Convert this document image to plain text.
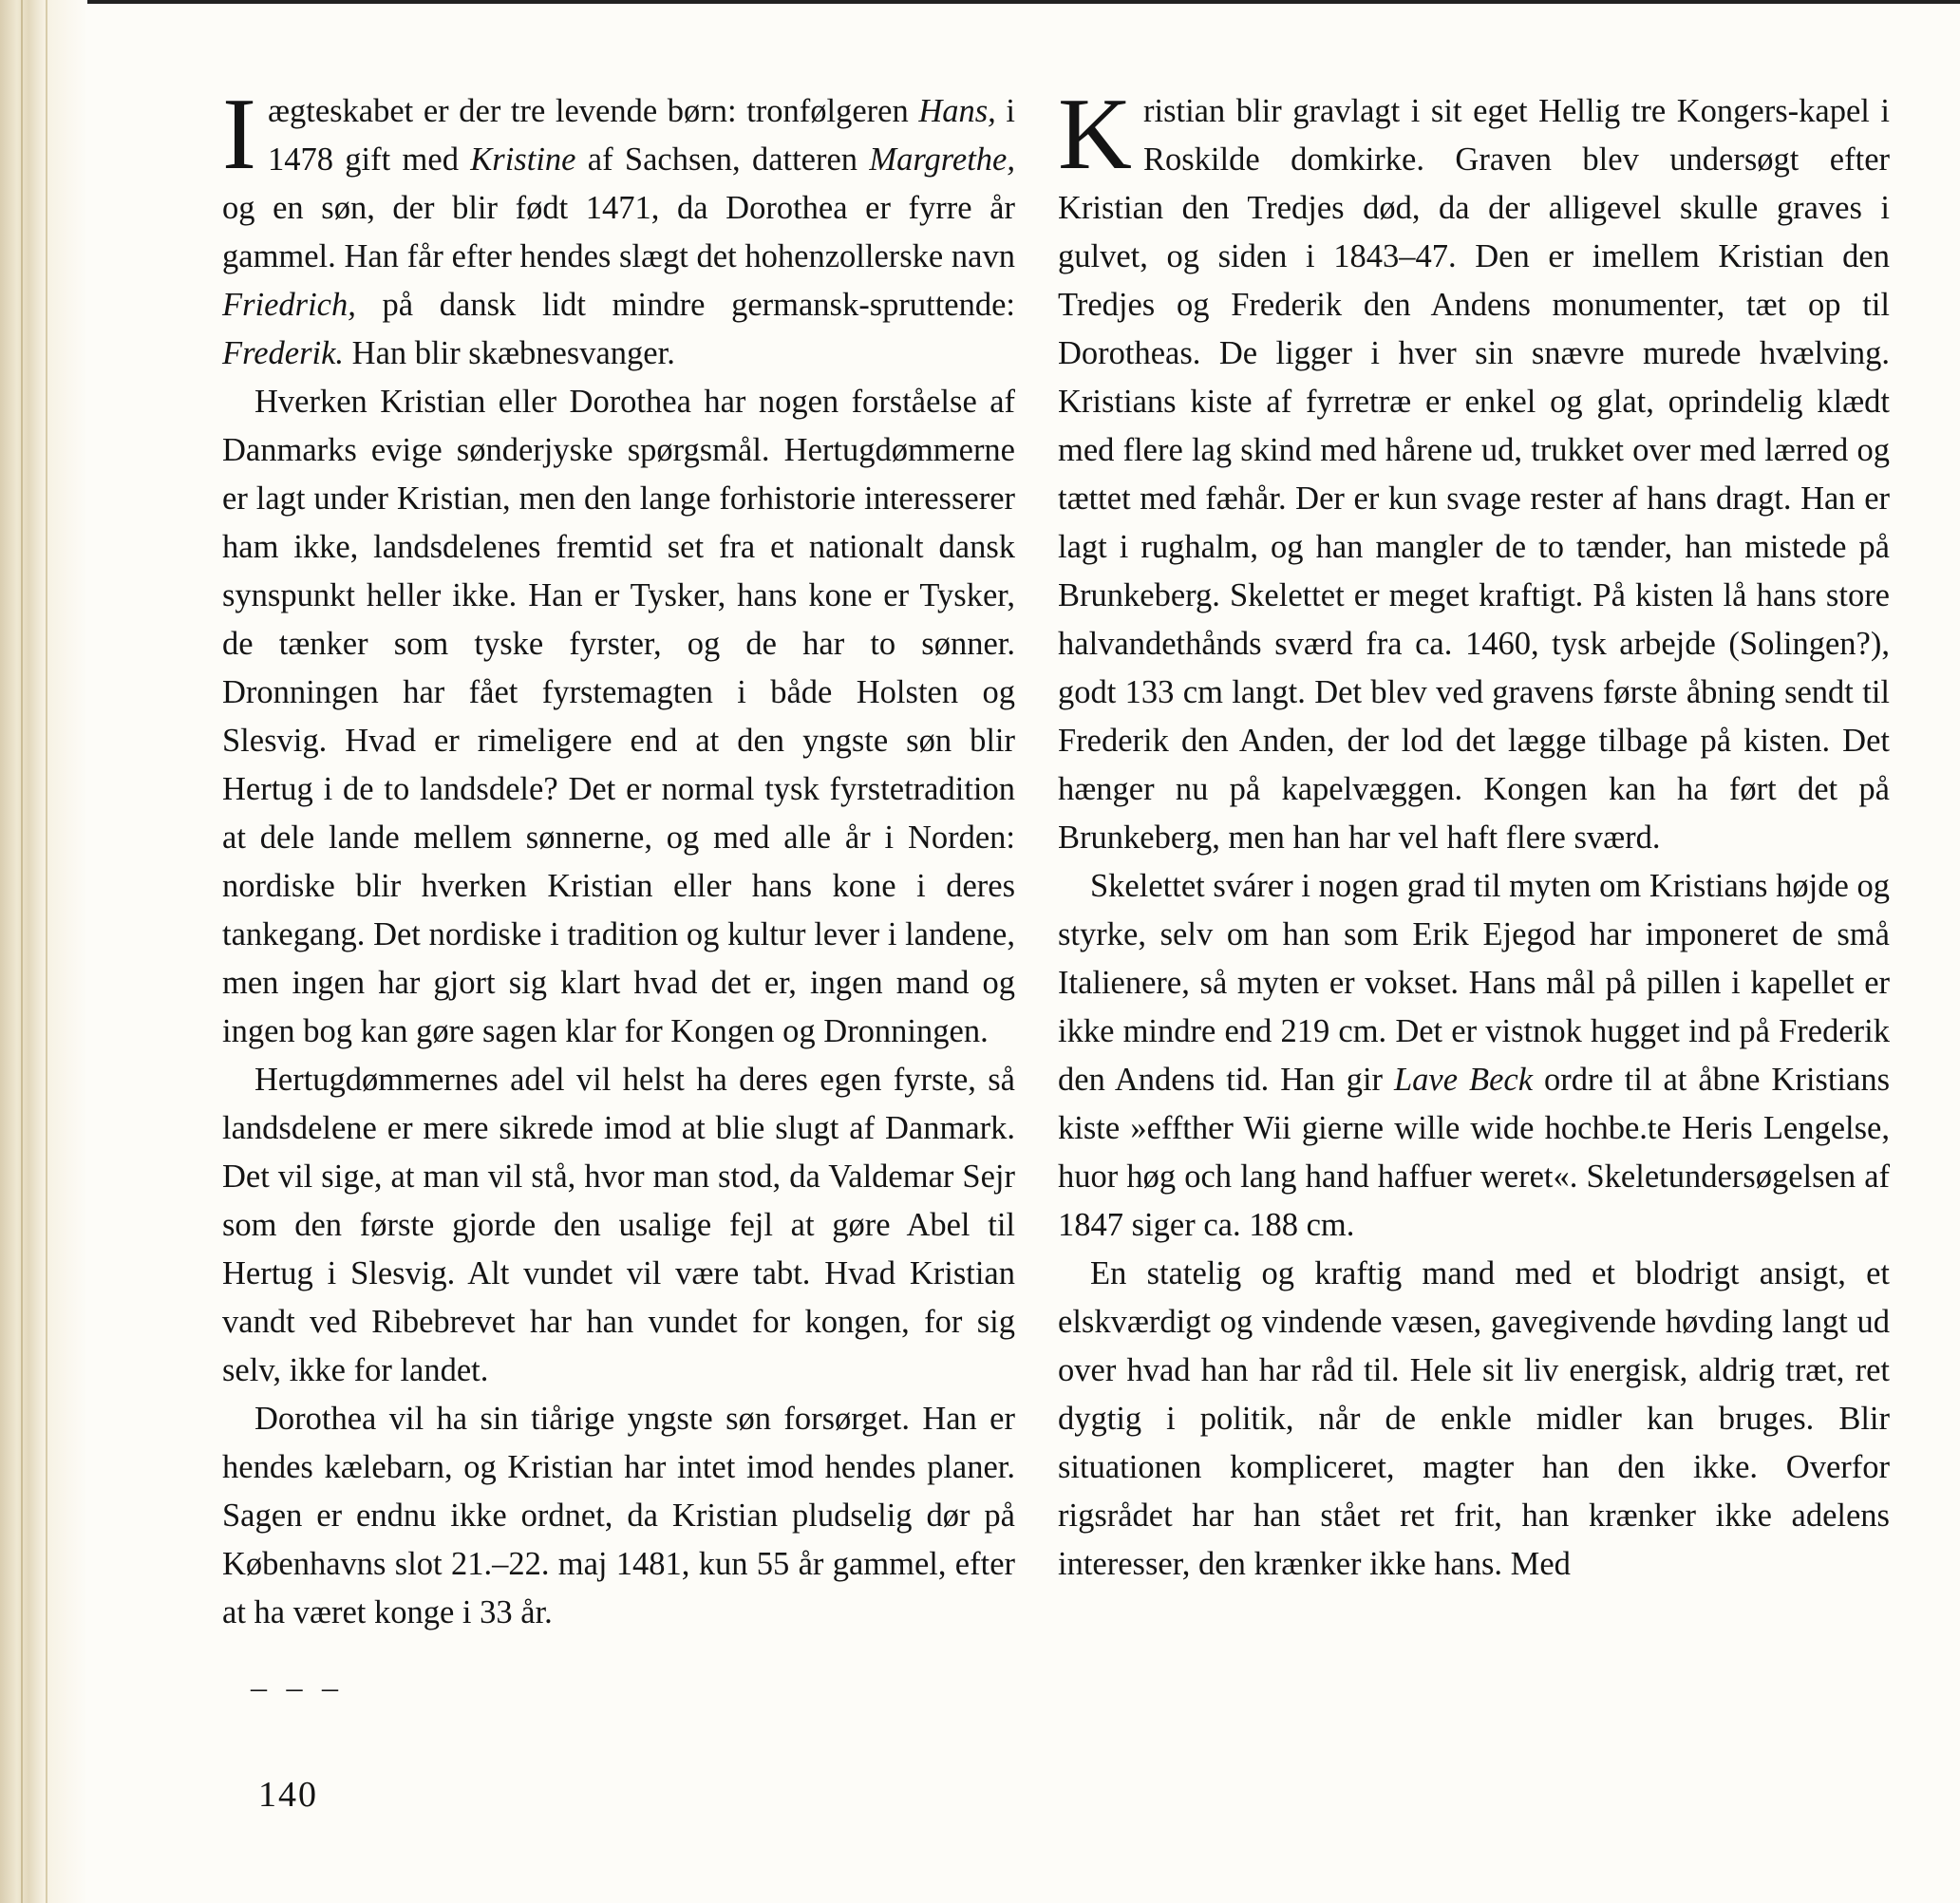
Iægteskabet er der tre levende børn: tronfølgeren Hans, i 1478 gift med Kristine af Sachsen, datteren Margrethe, og en søn, der blir født 1471, da Dorothea er fyrre år gammel. Han får efter hendes slægt det hohenzollerske navn Friedrich, på dansk lidt mindre germansk-spruttende: Frederik. Han blir skæbnesvanger.

Hverken Kristian eller Dorothea har nogen forståelse af Danmarks evige sønderjyske spørgsmål. Hertugdømmerne er lagt under Kristian, men den lange forhistorie interesserer ham ikke, landsdelenes fremtid set fra et nationalt dansk synspunkt heller ikke. Han er Tysker, hans kone er Tysker, de tænker som tyske fyrster, og de har to sønner. Dronningen har fået fyrstemagten i både Holsten og Slesvig. Hvad er rimeligere end at den yngste søn blir Hertug i de to landsdele? Det er normal tysk fyrstetradition at dele lande mellem sønnerne, og med alle år i Norden: nordiske blir hverken Kristian eller hans kone i deres tankegang. Det nordiske i tradition og kultur lever i landene, men ingen har gjort sig klart hvad det er, ingen mand og ingen bog kan gøre sagen klar for Kongen og Dronningen.

Hertugdømmernes adel vil helst ha deres egen fyrste, så landsdelene er mere sikrede imod at blie slugt af Danmark. Det vil sige, at man vil stå, hvor man stod, da Valdemar Sejr som den første gjorde den usalige fejl at gøre Abel til Hertug i Slesvig. Alt vundet vil være tabt. Hvad Kristian vandt ved Ribebrevet har han vundet for kongen, for sig selv, ikke for landet.

Dorothea vil ha sin tiårige yngste søn forsørget. Han er hendes kælebarn, og Kristian har intet imod hendes planer. Sagen er endnu ikke ordnet, da Kristian pludselig dør på Københavns slot 21.–22. maj 1481, kun 55 år gammel, efter at ha været konge i 33 år.

– – –

Kristian blir gravlagt i sit eget Hellig tre Kongers-kapel i Roskilde domkirke. Graven blev undersøgt efter Kristian den Tredjes død, da der alligevel skulle graves i gulvet, og siden i 1843–47. Den er imellem Kristian den Tredjes og Frederik den Andens monumenter, tæt op til Dorotheas. De ligger i hver sin snævre murede hvælving. Kristians kiste af fyrretræ er enkel og glat, oprindelig klædt med flere lag skind med hårene ud, trukket over med lærred og tættet med fæhår. Der er kun svage rester af hans dragt. Han er lagt i rughalm, og han mangler de to tænder, han mistede på Brunkeberg. Skelettet er meget kraftigt. På kisten lå hans store halvandethånds sværd fra ca. 1460, tysk arbejde (Solingen?), godt 133 cm langt. Det blev ved gravens første åbning sendt til Frederik den Anden, der lod det lægge tilbage på kisten. Det hænger nu på kapelvæggen. Kongen kan ha ført det på Brunkeberg, men han har vel haft flere sværd.

Skelettet svárer i nogen grad til myten om Kristians højde og styrke, selv om han som Erik Ejegod har imponeret de små Italienere, så myten er vokset. Hans mål på pillen i kapellet er ikke mindre end 219 cm. Det er vistnok hugget ind på Frederik den Andens tid. Han gir Lave Beck ordre til at åbne Kristians kiste »effther Wii gierne wille wide hochbe.te Heris Lengelse, huor høg och lang hand haffuer weret«. Skeletundersøgelsen af 1847 siger ca. 188 cm.

En statelig og kraftig mand med et blodrigt ansigt, et elskværdigt og vindende væsen, gavegivende høvding langt ud over hvad han har råd til. Hele sit liv energisk, aldrig træt, ret dygtig i politik, når de enkle midler kan bruges. Blir situationen kompliceret, magter han den ikke. Overfor rigsrådet har han stået ret frit, han krænker ikke adelens interesser, den krænker ikke hans. Med

140
